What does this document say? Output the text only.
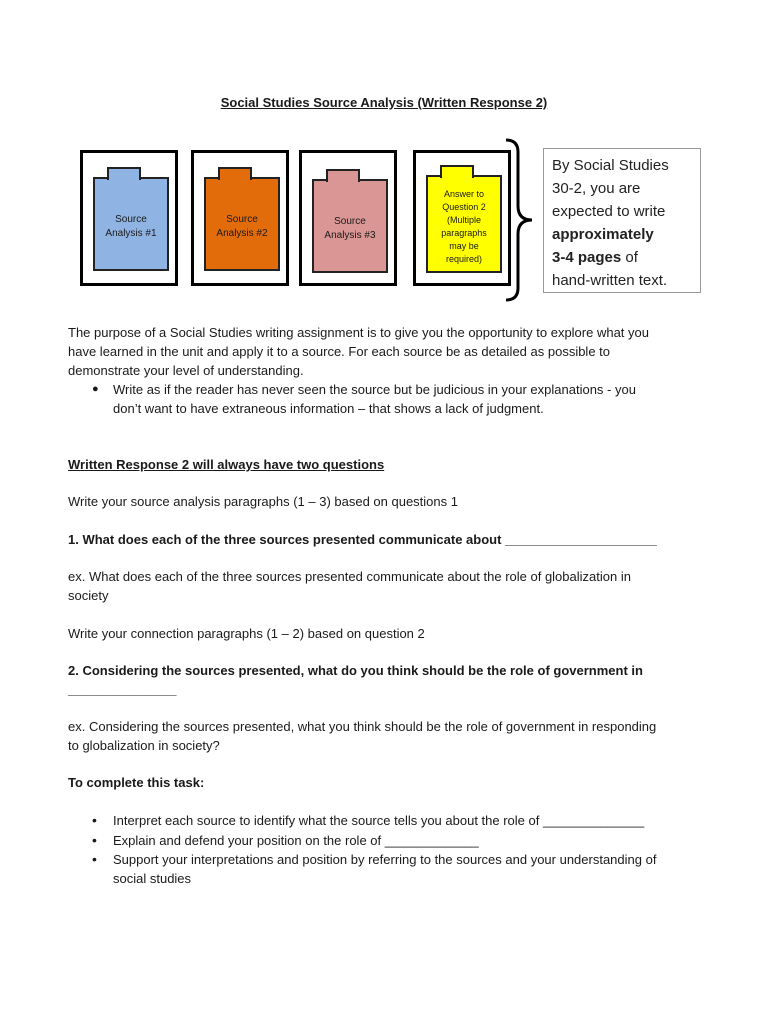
Social Studies Source Analysis (Written Response 2)
Source
Analysis #1
Source
Analysis #2
Source
Analysis #3
Answer to
Question 2
(Multiple
paragraphs
may be
required)
By Social Studies
30-2, you are
expected to write
approximately
3-4 pages of
hand-written text.
The purpose of a Social Studies writing assignment is to give you the opportunity to explore what you
have learned in the unit and apply it to a source. For each source be as detailed as possible to
demonstrate your level of understanding.
● Write as if the reader has never seen the source but be judicious in your explanations - you
don’t want to have extraneous information – that shows a lack of judgment.
Written Response 2 will always have two questions
Write your source analysis paragraphs (1 – 3) based on questions 1
1. What does each of the three sources presented communicate about _____________________
ex. What does each of the three sources presented communicate about the role of globalization in
society
Write your connection paragraphs (1 – 2) based on question 2
2. Considering the sources presented, what do you think should be the role of government in
_______________
ex. Considering the sources presented, what you think should be the role of government in responding
to globalization in society?
To complete this task:
• Interpret each source to identify what the source tells you about the role of ______________
• Explain and defend your position on the role of _____________
• Support your interpretations and position by referring to the sources and your understanding of
social studies
